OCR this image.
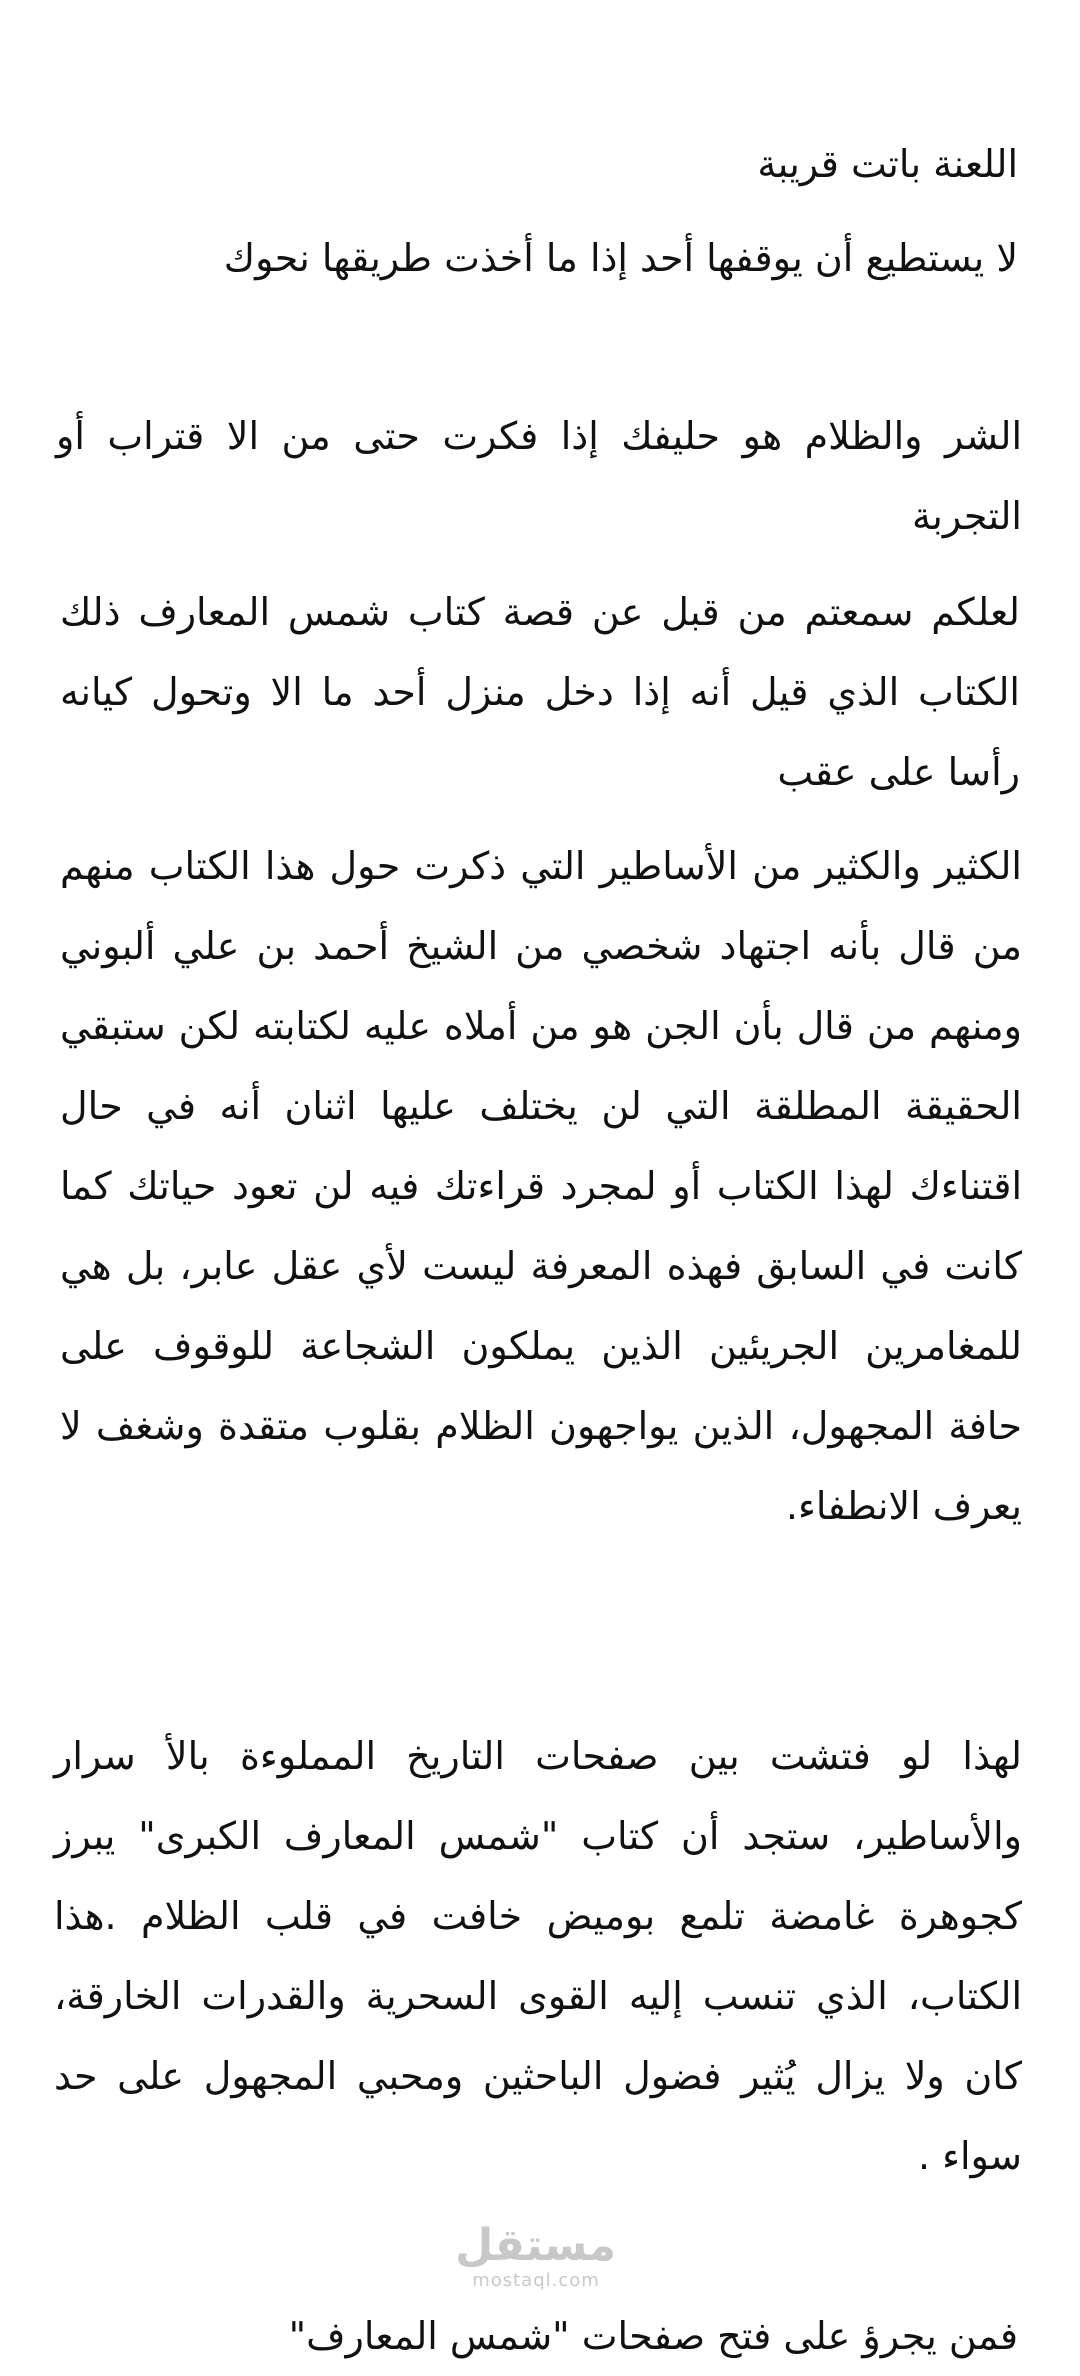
اللعنة باتت قريبة

لا يستطيع أن يوقفها أحد إذا ما أخذت طريقها نحوك

الشر والظلام هو حليفك إذا فكرت حتى من الا قتراب أو التجربة

لعلكم سمعتم من قبل عن قصة كتاب شمس المعارف ذلك الكتاب الذي قيل أنه إذا دخل منزل أحد ما الا وتحول كيانه رأسا على عقب

الكثير والكثير من الأساطير التي ذكرت حول هذا الكتاب منهم من قال بأنه اجتهاد شخصي من الشيخ أحمد بن علي ألبوني ومنهم من قال بأن الجن هو من أملاه عليه لكتابته لكن ستبقي الحقيقة المطلقة التي لن يختلف عليها اثنان أنه في حال اقتناءك لهذا الكتاب أو لمجرد قراءتك فيه لن تعود حياتك كما كانت في السابق فهذه المعرفة ليست لأي عقل عابر، بل هي للمغامرين الجريئين الذين يملكون الشجاعة للوقوف على حافة المجهول، الذين يواجهون الظلام بقلوب متقدة وشغف لا يعرف الانطفاء.

لهذا لو فتشت بين صفحات التاريخ المملوءة بالأ سرار والأساطير، ستجد أن كتاب "شمس المعارف الكبرى" يبرز كجوهرة غامضة تلمع بوميض خافت في قلب الظلام .هذا الكتاب، الذي تنسب إليه القوى السحرية والقدرات الخارقة، كان ولا يزال يُثير فضول الباحثين ومحبي المجهول على حد سواء .

فمن يجرؤ على فتح صفحات "شمس المعارف"

مستقل
mostaql.com
